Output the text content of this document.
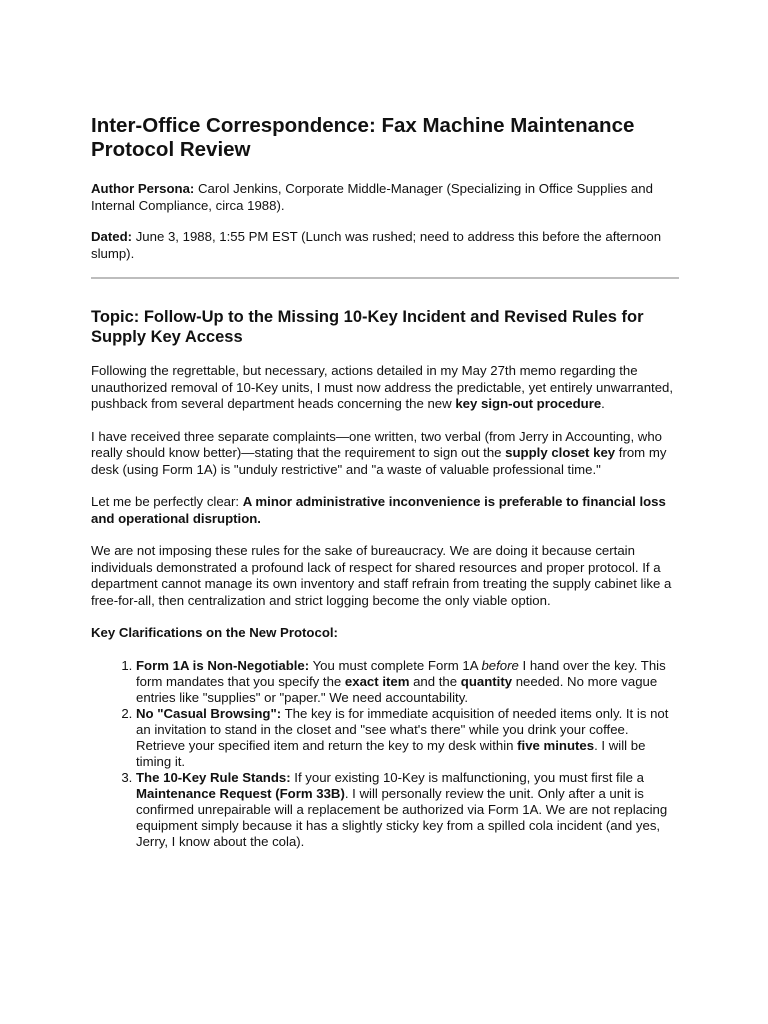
Inter-Office Correspondence: Fax Machine Maintenance Protocol Review

Author Persona: Carol Jenkins, Corporate Middle-Manager (Specializing in Office Supplies and Internal Compliance, circa 1988).

Dated: June 3, 1988, 1:55 PM EST (Lunch was rushed; need to address this before the afternoon slump).

Topic: Follow-Up to the Missing 10-Key Incident and Revised Rules for Supply Key Access

Following the regrettable, but necessary, actions detailed in my May 27th memo regarding the unauthorized removal of 10-Key units, I must now address the predictable, yet entirely unwarranted, pushback from several department heads concerning the new key sign-out procedure.

I have received three separate complaints—one written, two verbal (from Jerry in Accounting, who really should know better)—stating that the requirement to sign out the supply closet key from my desk (using Form 1A) is "unduly restrictive" and "a waste of valuable professional time."

Let me be perfectly clear: A minor administrative inconvenience is preferable to financial loss and operational disruption.

We are not imposing these rules for the sake of bureaucracy. We are doing it because certain individuals demonstrated a profound lack of respect for shared resources and proper protocol. If a department cannot manage its own inventory and staff refrain from treating the supply cabinet like a free-for-all, then centralization and strict logging become the only viable option.

Key Clarifications on the New Protocol:

1. Form 1A is Non-Negotiable: You must complete Form 1A before I hand over the key. This form mandates that you specify the exact item and the quantity needed. No more vague entries like "supplies" or "paper." We need accountability.
2. No "Casual Browsing": The key is for immediate acquisition of needed items only. It is not an invitation to stand in the closet and "see what's there" while you drink your coffee. Retrieve your specified item and return the key to my desk within five minutes. I will be timing it.
3. The 10-Key Rule Stands: If your existing 10-Key is malfunctioning, you must first file a Maintenance Request (Form 33B). I will personally review the unit. Only after a unit is confirmed unrepairable will a replacement be authorized via Form 1A. We are not replacing equipment simply because it has a slightly sticky key from a spilled cola incident (and yes, Jerry, I know about the cola).
